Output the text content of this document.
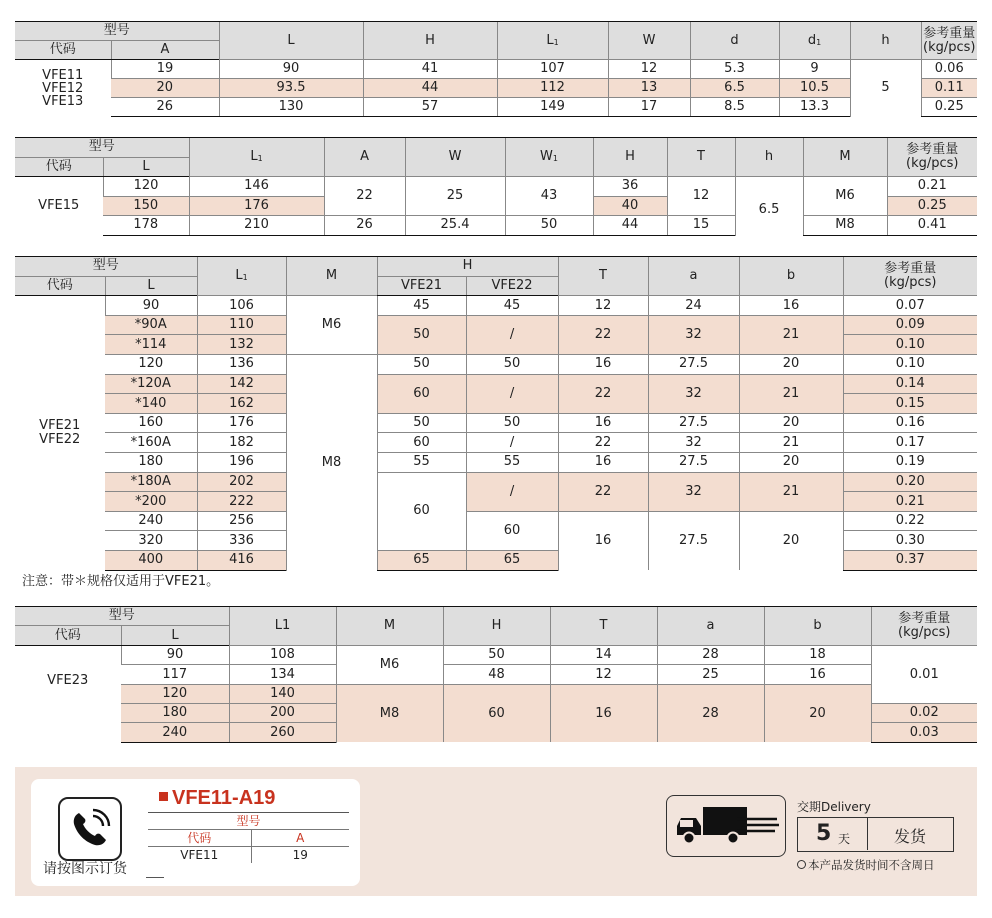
型号		L	H	$L_1$	W	d	$d_1$	h	参考重量
(kg/pcs)
代码	A								
VFE11
VFE12
VFE13	19	90	41	107	12	5.3	9	5	0.06
	20	93.5	44	112	13	6.5	10.5		0.11
	26	130	57	149	17	8.5	13.3		0.25
型号		$L_1$	A	W	$W_1$	H	T	h	M	参考重量
(kg/pcs)
代码	L									
VFE15	120	146	22	25	43	36	12	6.5	M6	0.21
	150	176				40				0.25
	178	210	26	25.4	50	44	15		M8	0.41
型号		$L_1$	M	H		T	a	b	参考重量
(kg/pcs)
代码	L			VFE21	VFE22				
VFE21
VFE22	90	106	M6	45	45	12	24	16	0.07
	*90A	110		50	/	22	32	21	0.09
	*114	132							0.10
	120	136	M8	50	50	16	27.5	20	0.10
	*120A	142		60	/	22	32	21	0.14
	*140	162							0.15
	160	176		50	50	16	27.5	20	0.16
	*160A	182		60	/	22	32	21	0.17
	180	196		55	55	16	27.5	20	0.19
	*180A	202		60	/	22	32	21	0.20
	*200	222							0.21
	240	256			60	16	27.5	20	0.22
	320	336							0.30
	400	416		65	65				0.37
注意：带＊规格仅适用于VFE21。
型号		L1	M	H	T	a	b	参考重量
(kg/pcs)
代码	L							
VFE23	90	108	M6	50	14	28	18	0.01
	117	134		48	12	25	16	
	120	140	M8	60	16	28	20	
	180	200						0.02
	240	260						0.03
请按图示订货
VFE11-A19
型号	
代码	A
VFE11	19
交期Delivery
5 天	发货
本产品发货时间不含周日
